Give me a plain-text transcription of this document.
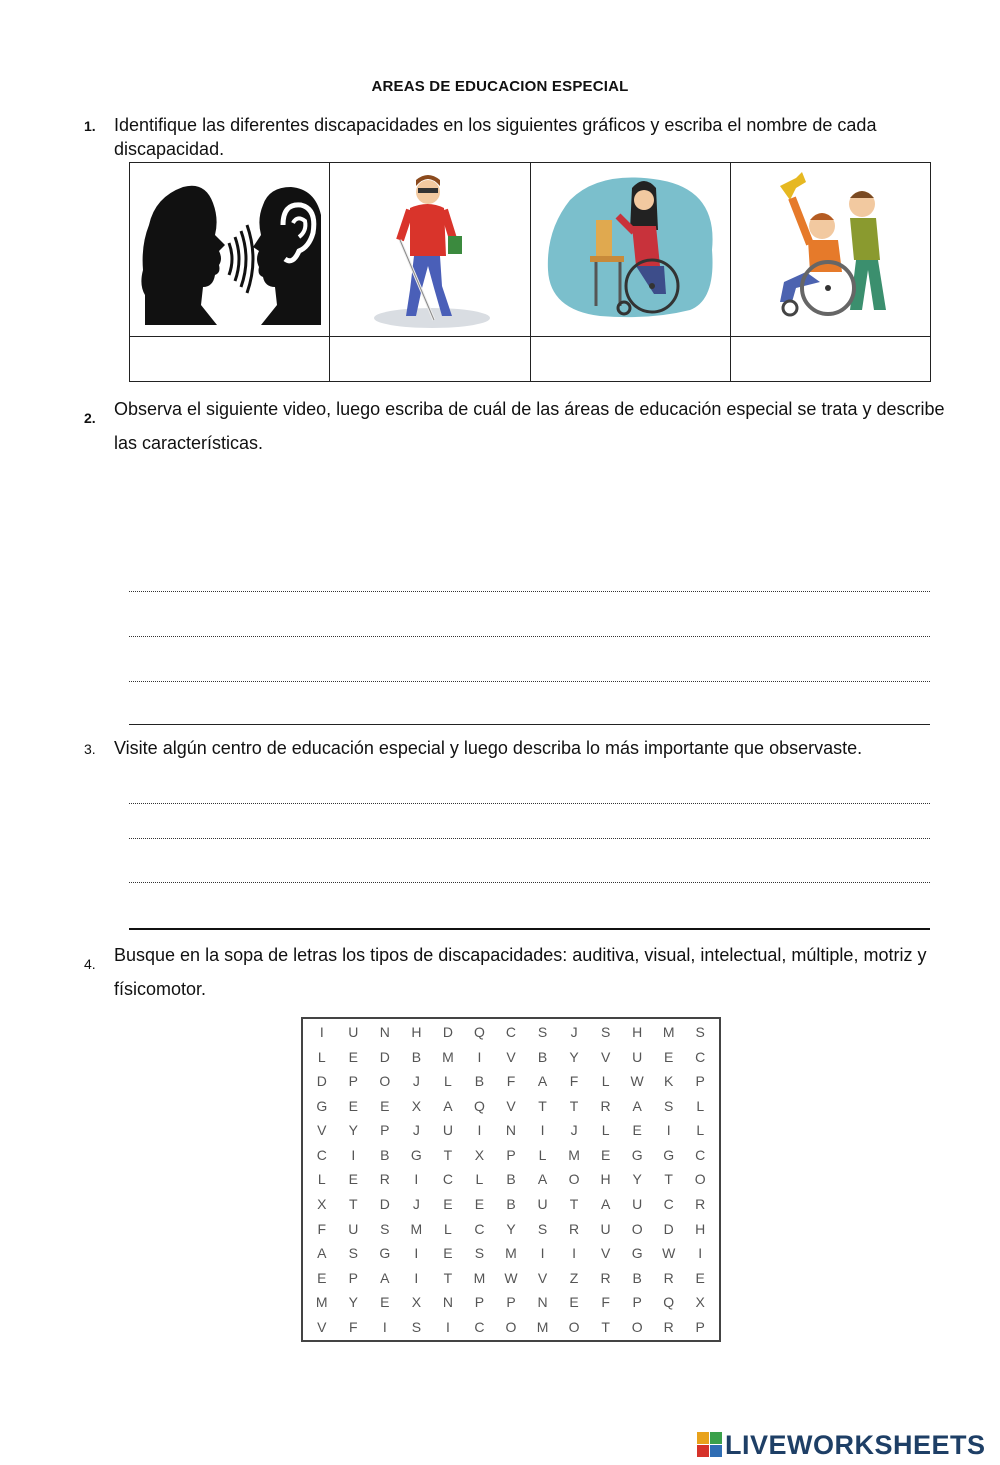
AREAS DE EDUCACION ESPECIAL
1. Identifique las diferentes discapacidades en los siguientes gráficos y escriba el nombre de cada discapacidad.

2. Observa el siguiente video, luego escriba de cuál de las áreas de educación especial se trata y describe las características.
3. Visite algún centro de educación especial y luego describa lo más importante que observaste.
4. Busque en la sopa de letras los tipos de discapacidades: auditiva, visual, intelectual, múltiple, motriz y físicomotor.
I	U	N	H	D	Q	C	S	J	S	H	M	S
L	E	D	B	M	I	V	B	Y	V	U	E	C
D	P	O	J	L	B	F	A	F	L	W	K	P
G	E	E	X	A	Q	V	T	T	R	A	S	L
V	Y	P	J	U	I	N	I	J	L	E	I	L
C	I	B	G	T	X	P	L	M	E	G	G	C
L	E	R	I	C	L	B	A	O	H	Y	T	O
X	T	D	J	E	E	B	U	T	A	U	C	R
F	U	S	M	L	C	Y	S	R	U	O	D	H
A	S	G	I	E	S	M	I	I	V	G	W	I
E	P	A	I	T	M	W	V	Z	R	B	R	E
M	Y	E	X	N	P	P	N	E	F	P	Q	X
V	F	I	S	I	C	O	M	O	T	O	R	P
LIVEWORKSHEETS
